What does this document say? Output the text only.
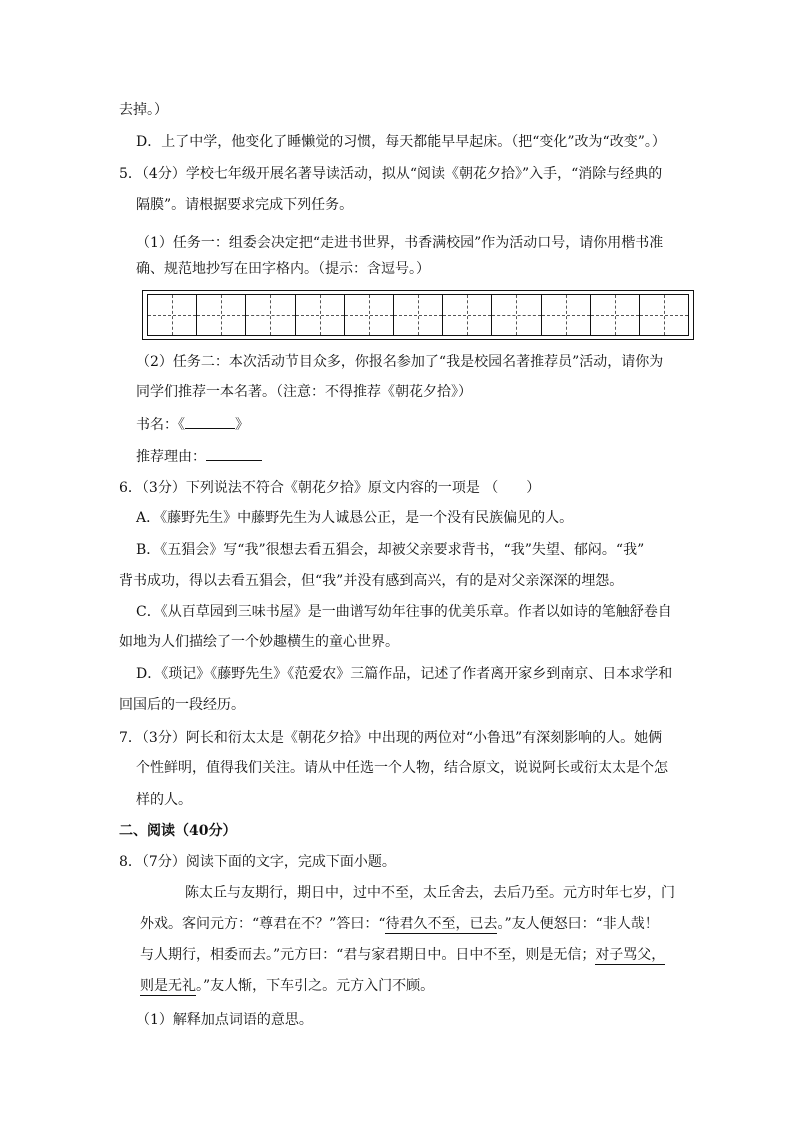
去掉。）
D．上了中学，他变化了睡懒觉的习惯，每天都能早早起床。（把“变化”改为“改变”。）
5．（4分）学校七年级开展名著导读活动，拟从“阅读《朝花夕拾》”入手，“消除与经典的
隔膜”。请根据要求完成下列任务。
（1）任务一：组委会决定把“走进书世界，书香满校园”作为活动口号，请你用楷书准
确、规范地抄写在田字格内。（提示：含逗号。）
（2）任务二：本次活动节目众多，你报名参加了“我是校园名著推荐员”活动，请你为
同学们推荐一本名著。（注意：不得推荐《朝花夕拾》）
书名：《	》
推荐理由：
6．（3分）下列说法不符合《朝花夕拾》原文内容的一项是 （　　）
A．《藤野先生》中藤野先生为人诚恳公正，是一个没有民族偏见的人。
B．《五猖会》写“我”很想去看五猖会，却被父亲要求背书，“我”失望、郁闷。“我”
背书成功，得以去看五猖会，但“我”并没有感到高兴，有的是对父亲深深的埋怨。
C．《从百草园到三味书屋》是一曲谱写幼年往事的优美乐章。作者以如诗的笔触舒卷自
如地为人们描绘了一个妙趣横生的童心世界。
D．《琐记》《藤野先生》《范爱农》三篇作品，记述了作者离开家乡到南京、日本求学和
回国后的一段经历。
7．（3分）阿长和衍太太是《朝花夕拾》中出现的两位对“小鲁迅”有深刻影响的人。她俩
个性鲜明，值得我们关注。请从中任选一个人物，结合原文，说说阿长或衍太太是个怎
样的人。
二、阅读（40分）
8．（7分）阅读下面的文字，完成下面小题。
陈太丘与友期行，期日中，过中不至，太丘舍去，去后乃至。元方时年七岁，门
外戏。客问元方：“尊君在不？”答曰：“待君久不至，已去。”友人便怒曰：“非人哉！
与人期行，相委而去。”元方曰：“君与家君期日中。日中不至，则是无信；对子骂父，
则是无礼。”友人惭，下车引之。元方入门不顾。
（1）解释加点词语的意思。
